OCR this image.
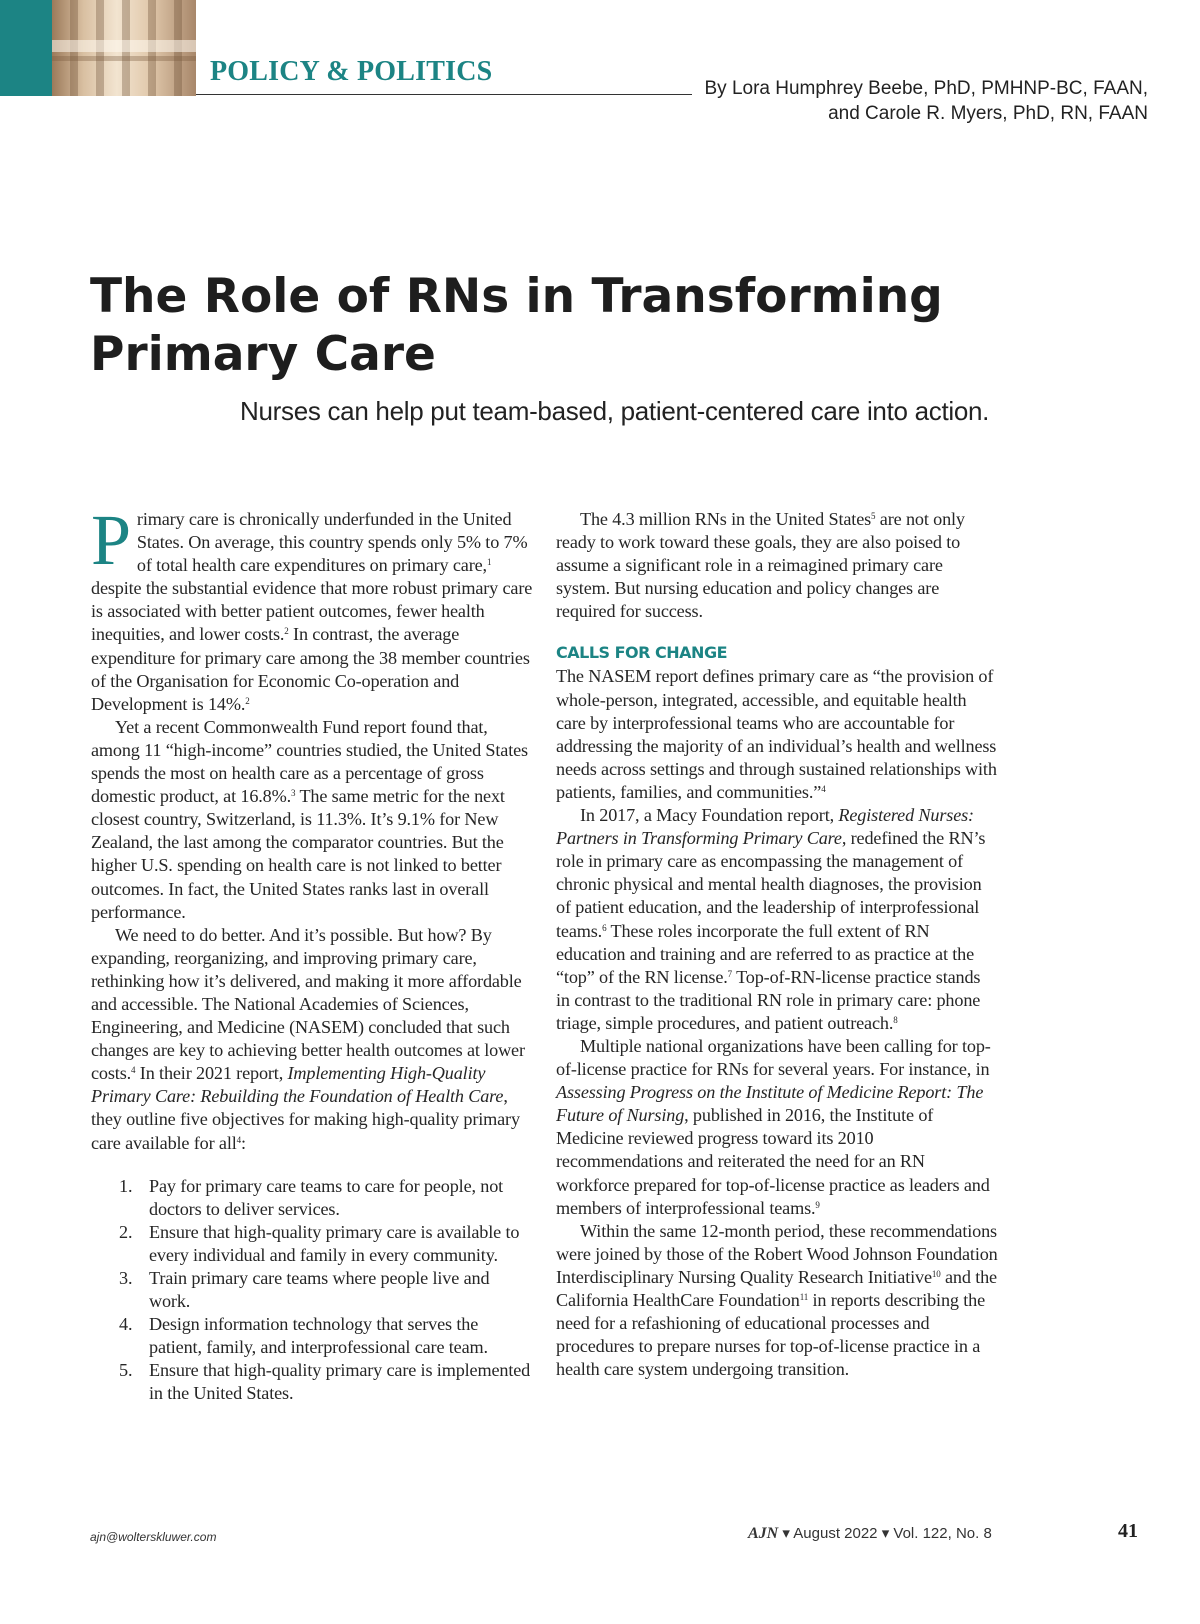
POLICY & POLITICS
By Lora Humphrey Beebe, PhD, PMHNP-BC, FAAN,
and Carole R. Myers, PhD, RN, FAAN
The Role of RNs in Transforming
Primary Care

Nurses can help put team-based, patient-centered care into action.

Primary care is chronically underfunded in the United States. On average, this country spends only 5% to 7% of total health care expenditures on primary care,$^1$ despite the substantial evidence that more robust primary care is associated with better patient outcomes, fewer health inequities, and lower costs.$^2$ In contrast, the average expenditure for primary care among the 38 member countries of the Organisation for Economic Co-operation and Development is 14%.$^2$

Yet a recent Commonwealth Fund report found that, among 11 “high-income” countries studied, the United States spends the most on health care as a percentage of gross domestic product, at 16.8%.$^3$ The same metric for the next closest country, Switzerland, is 11.3%. It’s 9.1% for New Zealand, the last among the comparator countries. But the higher U.S. spending on health care is not linked to better outcomes. In fact, the United States ranks last in overall performance.

We need to do better. And it’s possible. But how? By expanding, reorganizing, and improving primary care, rethinking how it’s delivered, and making it more affordable and accessible. The National Academies of Sciences, Engineering, and Medicine (NASEM) concluded that such changes are key to achieving better health outcomes at lower costs.$^4$ In their 2021 report, Implementing High-Quality Primary Care: Rebuilding the Foundation of Health Care, they outline five objectives for making high-quality primary care available for all$^4$:

1. Pay for primary care teams to care for people, not doctors to deliver services.
2. Ensure that high-quality primary care is available to every individual and family in every community.
3. Train primary care teams where people live and work.
4. Design information technology that serves the patient, family, and interprofessional care team.
5. Ensure that high-quality primary care is implemented in the United States.

The 4.3 million RNs in the United States$^5$ are not only ready to work toward these goals, they are also poised to assume a significant role in a reimagined primary care system. But nursing education and policy changes are required for success.

CALLS FOR CHANGE

The NASEM report defines primary care as “the provision of whole-person, integrated, accessible, and equitable health care by interprofessional teams who are accountable for addressing the majority of an individual’s health and wellness needs across settings and through sustained relationships with patients, families, and communities.”$^4$

In 2017, a Macy Foundation report, Registered Nurses: Partners in Transforming Primary Care, redefined the RN’s role in primary care as encompassing the management of chronic physical and mental health diagnoses, the provision of patient education, and the leadership of interprofessional teams.$^6$ These roles incorporate the full extent of RN education and training and are referred to as practice at the “top” of the RN license.$^7$ Top-of-RN-license practice stands in contrast to the traditional RN role in primary care: phone triage, simple procedures, and patient outreach.$^8$

Multiple national organizations have been calling for top-of-license practice for RNs for several years. For instance, in Assessing Progress on the Institute of Medicine Report: The Future of Nursing, published in 2016, the Institute of Medicine reviewed progress toward its 2010 recommendations and reiterated the need for an RN workforce prepared for top-of-license practice as leaders and members of interprofessional teams.$^9$

Within the same 12-month period, these recommendations were joined by those of the Robert Wood Johnson Foundation Interdisciplinary Nursing Quality Research Initiative$^{10}$ and the California HealthCare Foundation$^{11}$ in reports describing the need for a refashioning of educational processes and procedures to prepare nurses for top-of-license practice in a health care system undergoing transition.

ajn@wolterskluwer.com	AJN ▾ August 2022 ▾ Vol. 122, No. 8	41
